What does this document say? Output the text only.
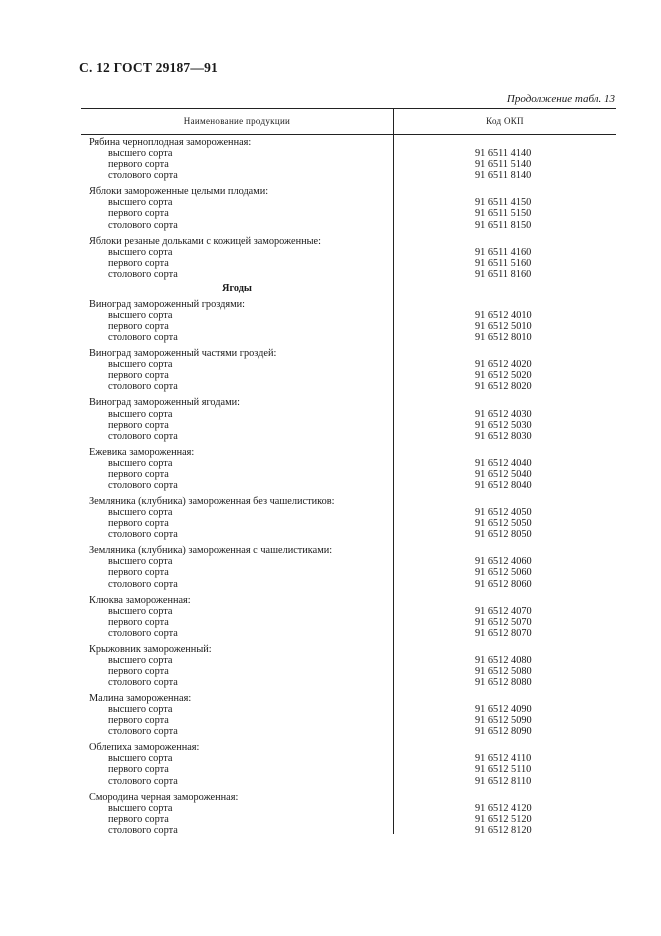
С. 12 ГОСТ 29187—91
Продолжение табл. 13
Наименование продукции	Код ОКП
Рябина черноплодная замороженная:
высшего сорта	91 6511 4140
первого сорта	91 6511 5140
столового сорта	91 6511 8140
Яблоки замороженные целыми плодами:
высшего сорта	91 6511 4150
первого сорта	91 6511 5150
столового сорта	91 6511 8150
Яблоки резаные дольками с кожицей замороженные:
высшего сорта	91 6511 4160
первого сорта	91 6511 5160
столового сорта	91 6511 8160
Ягоды
Виноград замороженный гроздями:
высшего сорта	91 6512 4010
первого сорта	91 6512 5010
столового сорта	91 6512 8010
Виноград замороженный частями гроздей:
высшего сорта	91 6512 4020
первого сорта	91 6512 5020
столового сорта	91 6512 8020
Виноград замороженный ягодами:
высшего сорта	91 6512 4030
первого сорта	91 6512 5030
столового сорта	91 6512 8030
Ежевика замороженная:
высшего сорта	91 6512 4040
первого сорта	91 6512 5040
столового сорта	91 6512 8040
Земляника (клубника) замороженная без чашелистиков:
высшего сорта	91 6512 4050
первого сорта	91 6512 5050
столового сорта	91 6512 8050
Земляника (клубника) замороженная с чашелистиками:
высшего сорта	91 6512 4060
первого сорта	91 6512 5060
столового сорта	91 6512 8060
Клюква замороженная:
высшего сорта	91 6512 4070
первого сорта	91 6512 5070
столового сорта	91 6512 8070
Крыжовник замороженный:
высшего сорта	91 6512 4080
первого сорта	91 6512 5080
столового сорта	91 6512 8080
Малина замороженная:
высшего сорта	91 6512 4090
первого сорта	91 6512 5090
столового сорта	91 6512 8090
Облепиха замороженная:
высшего сорта	91 6512 4110
первого сорта	91 6512 5110
столового сорта	91 6512 8110
Смородина черная замороженная:
высшего сорта	91 6512 4120
первого сорта	91 6512 5120
столового сорта	91 6512 8120
